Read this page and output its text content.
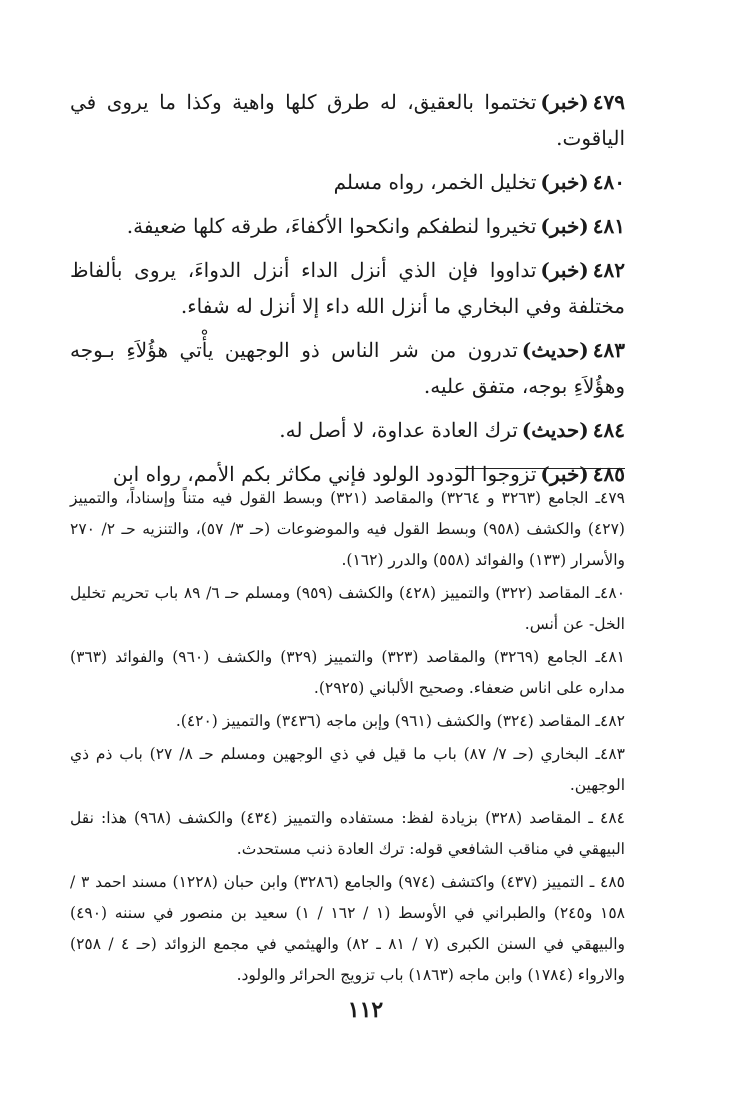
٤٧٩(خبر)تختموا بالعقيق، له طرق كلها واهية وكذا ما يروى في الياقوت.

٤٨٠(خبر)تخليل الخمر، رواه مسلم

٤٨١(خبر)تخيروا لنطفكم وانكحوا الأكفاءَ، طرقه كلها ضعيفة.

٤٨٢(خبر)تداووا فإن الذي أنزل الداء أنزل الدواءَ، يروى بألفاظ مختلفة وفي البخاري ما أنزل الله داء إلا أنزل له شفاء.

٤٨٣(حديث)تدرون من شر الناس ذو الوجهين يأْتي هؤُلاَءِ بـوجه وهؤُلاَءِ بوجه، متفق عليه.

٤٨٤(حديث)ترك العادة عداوة، لا أصل له.

٤٨٥(خبر)تزوجوا الودود الولود فإني مكاثر بكم الأمم، رواه ابن

٤٧٩ـ الجامع (٣٢٦٣ و ٣٢٦٤) والمقاصد (٣٢١) وبسط القول فيه متناً وإسناداً، والتمييز (٤٢٧) والكشف (٩٥٨) وبسط القول فيه والموضوعات (حـ ٣/ ٥٧)، والتنزيه حـ ٢/ ٢٧٠ والأسرار (١٣٣) والفوائد (٥٥٨) والدرر (١٦٢).

٤٨٠ـ المقاصد (٣٢٢) والتمييز (٤٢٨) والكشف (٩٥٩) ومسلم حـ ٦/ ٨٩ باب تحريم تخليل الخل- عن أنس.

٤٨١ـ الجامع (٣٢٦٩) والمقاصد (٣٢٣) والتمييز (٣٢٩) والكشف (٩٦٠) والفوائد (٣٦٣) مداره على اناس ضعفاء. وصحيح الألباني (٢٩٢٥).

٤٨٢ـ المقاصد (٣٢٤) والكشف (٩٦١) وإبن ماجه (٣٤٣٦) والتمييز (٤٢٠).

٤٨٣ـ البخاري (حـ ٧/ ٨٧) باب ما قيل في ذي الوجهين ومسلم حـ ٨/ ٢٧) باب ذم ذي الوجهين.

٤٨٤ ـ المقاصد (٣٢٨) بزيادة لفظ: مستفاده والتمييز (٤٣٤) والكشف (٩٦٨) هذا: نقل البيهقي في مناقب الشافعي قوله: ترك العادة ذنب مستحدث.

٤٨٥ ـ التمييز (٤٣٧) واكتشف (٩٧٤) والجامع (٣٢٨٦) وابن حبان (١٢٢٨) مسند احمد ٣ / ١٥٨ و٢٤٥) والطبراني في الأوسط (١ / ١٦٢ / ١) سعيد بن منصور في سننه (٤٩٠) والبيهقي في السنن الكبرى (٧ / ٨١ ـ ٨٢) والهيثمي في مجمع الزوائد (حـ ٤ / ٢٥٨) والارواء (١٧٨٤) وابن ماجه (١٨٦٣) باب تزويج الحرائر والولود.

١١٢
